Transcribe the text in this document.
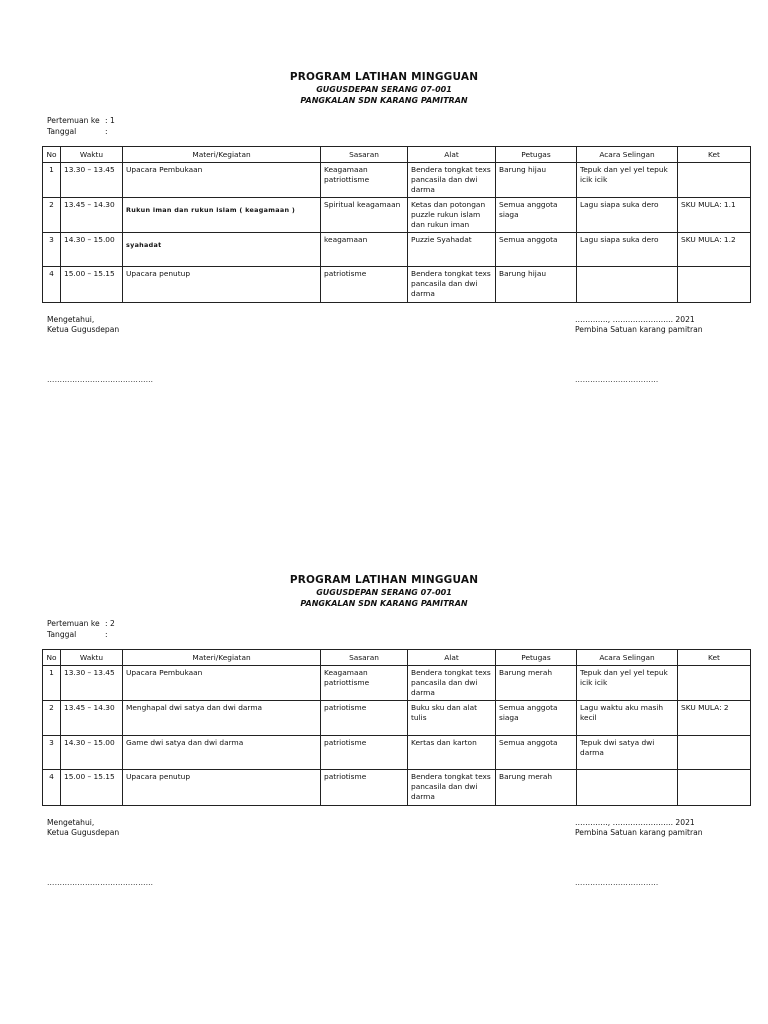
PROGRAM LATIHAN MINGGUAN
GUGUSDEPAN SERANG 07-001
PANGKALAN SDN KARANG PAMITRAN
Pertemuan ke : 1
Tanggal	:
No	Waktu	Materi/Kegiatan	Sasaran	Alat	Petugas	Acara Selingan	Ket
1	13.30 – 13.45	Upacara Pembukaan	Keagamaan patriottisme	Bendera tongkat texs pancasila dan dwi darma	Barung hijau	Tepuk dan yel yel tepuk icik icik	
2	13.45 – 14.30	Rukun iman dan rukun islam ( keagamaan )	Spiritual keagamaan	Ketas dan potongan puzzle rukun islam dan rukun iman	Semua anggota siaga	Lagu siapa suka dero	SKU MULA: 1.1
3	14.30 – 15.00	syahadat	keagamaan	Puzzie Syahadat	Semua anggota	Lagu siapa suka dero	SKU MULA: 1.2
4	15.00 – 15.15	Upacara penutup	patriotisme	Bendera tongkat texs pancasila dan dwi darma	Barung hijau		
Mengetahui,
Ketua Gugusdepan
…………., …………………... 2021
Pembina Satuan karang pamitran
……………………………………	……………………………
PROGRAM LATIHAN MINGGUAN
GUGUSDEPAN SERANG 07-001
PANGKALAN SDN KARANG PAMITRAN
Pertemuan ke : 2
Tanggal	:
No	Waktu	Materi/Kegiatan	Sasaran	Alat	Petugas	Acara Selingan	Ket
1	13.30 – 13.45	Upacara Pembukaan	Keagamaan patriottisme	Bendera tongkat texs pancasila dan dwi darma	Barung merah	Tepuk dan yel yel tepuk icik icik	
2	13.45 – 14.30	Menghapal dwi satya dan dwi darma	patriotisme	Buku sku dan alat tulis	Semua anggota siaga	Lagu waktu aku masih kecil	SKU MULA: 2
3	14.30 – 15.00	Game dwi satya dan dwi darma	patriotisme	Kertas dan karton	Semua anggota	Tepuk dwi satya dwi darma	
4	15.00 – 15.15	Upacara penutup	patriotisme	Bendera tongkat texs pancasila dan dwi darma	Barung merah		
Mengetahui,
Ketua Gugusdepan
…………., …………………... 2021
Pembina Satuan karang pamitran
……………………………………	……………………………
